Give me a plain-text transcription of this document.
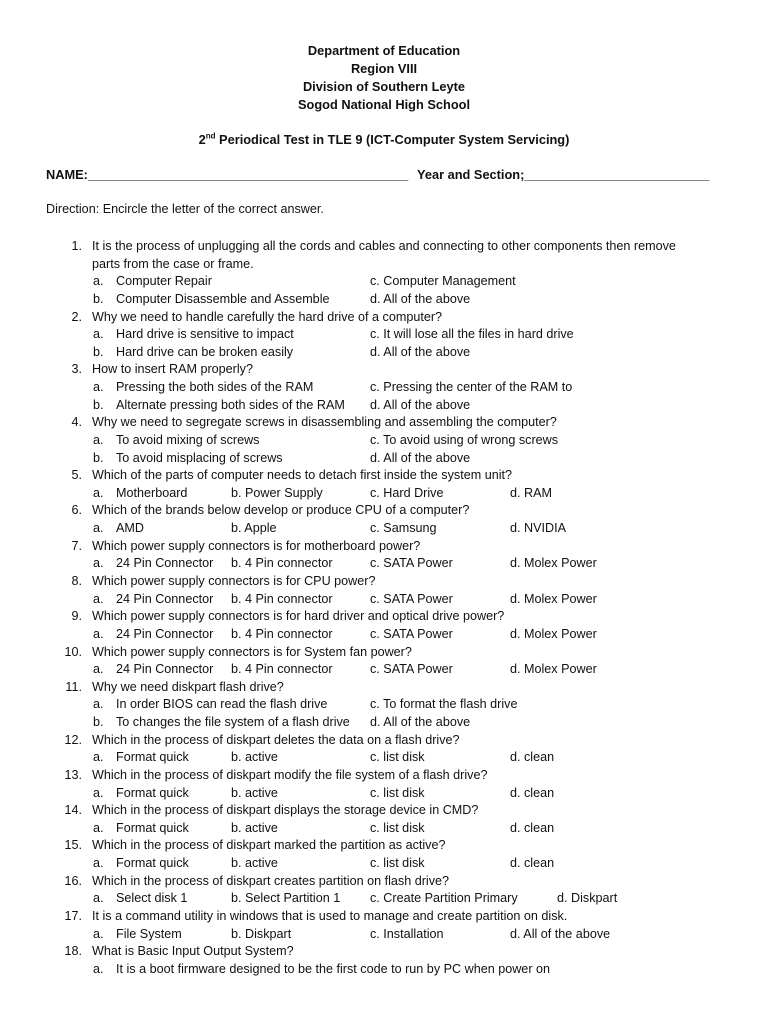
Department of Education
Region VIII
Division of Southern Leyte
Sogod National High School
2nd Periodical Test in TLE 9 (ICT-Computer System Servicing)
NAME:_____________________________________________ Year and Section;__________________________
Direction: Encircle the letter of the correct answer.
1. It is the process of unplugging all the cords and cables and connecting to other components then remove
parts from the case or frame.
a. Computer Repair	c. Computer Management
b. Computer Disassemble and Assemble	d. All of the above
2. Why we need to handle carefully the hard drive of a computer?
a. Hard drive is sensitive to impact	c. It will lose all the files in hard drive
b. Hard drive can be broken easily	d. All of the above
3. How to insert RAM properly?
a. Pressing the both sides of the RAM	c. Pressing the center of the RAM to
b. Alternate pressing both sides of the RAM d. All of the above
4. Why we need to segregate screws in disassembling and assembling the computer?
a. To avoid mixing of screws	c. To avoid using of wrong screws
b. To avoid misplacing of screws	d. All of the above
5. Which of the parts of computer needs to detach first inside the system unit?
a. Motherboard	b. Power Supply	c. Hard Drive	d. RAM
6. Which of the brands below develop or produce CPU of a computer?
a. AMD	b. Apple	c. Samsung	d. NVIDIA
7. Which power supply connectors is for motherboard power?
a. 24 Pin Connector b. 4 Pin connector	c. SATA Power	d. Molex Power
8. Which power supply connectors is for CPU power?
a. 24 Pin Connector b. 4 Pin connector	c. SATA Power	d. Molex Power
9. Which power supply connectors is for hard driver and optical drive power?
a. 24 Pin Connector b. 4 Pin connector	c. SATA Power	d. Molex Power
10. Which power supply connectors is for System fan power?
a. 24 Pin Connector b. 4 Pin connector	c. SATA Power	d. Molex Power
11. Why we need diskpart flash drive?
a. In order BIOS can read the flash drive	c. To format the flash drive
b. To changes the file system of a flash drive d. All of the above
12. Which in the process of diskpart deletes the data on a flash drive?
a. Format quick	b. active	c. list disk	d. clean
13. Which in the process of diskpart modify the file system of a flash drive?
a. Format quick	b. active	c. list disk	d. clean
14. Which in the process of diskpart displays the storage device in CMD?
a. Format quick	b. active	c. list disk	d. clean
15. Which in the process of diskpart marked the partition as active?
a. Format quick	b. active	c. list disk	d. clean
16. Which in the process of diskpart creates partition on flash drive?
a. Select disk 1	b. Select Partition 1 c. Create Partition Primary	d. Diskpart
17. It is a command utility in windows that is used to manage and create partition on disk.
a. File System	b. Diskpart	c. Installation	d. All of the above
18. What is Basic Input Output System?
a. It is a boot firmware designed to be the first code to run by PC when power on
